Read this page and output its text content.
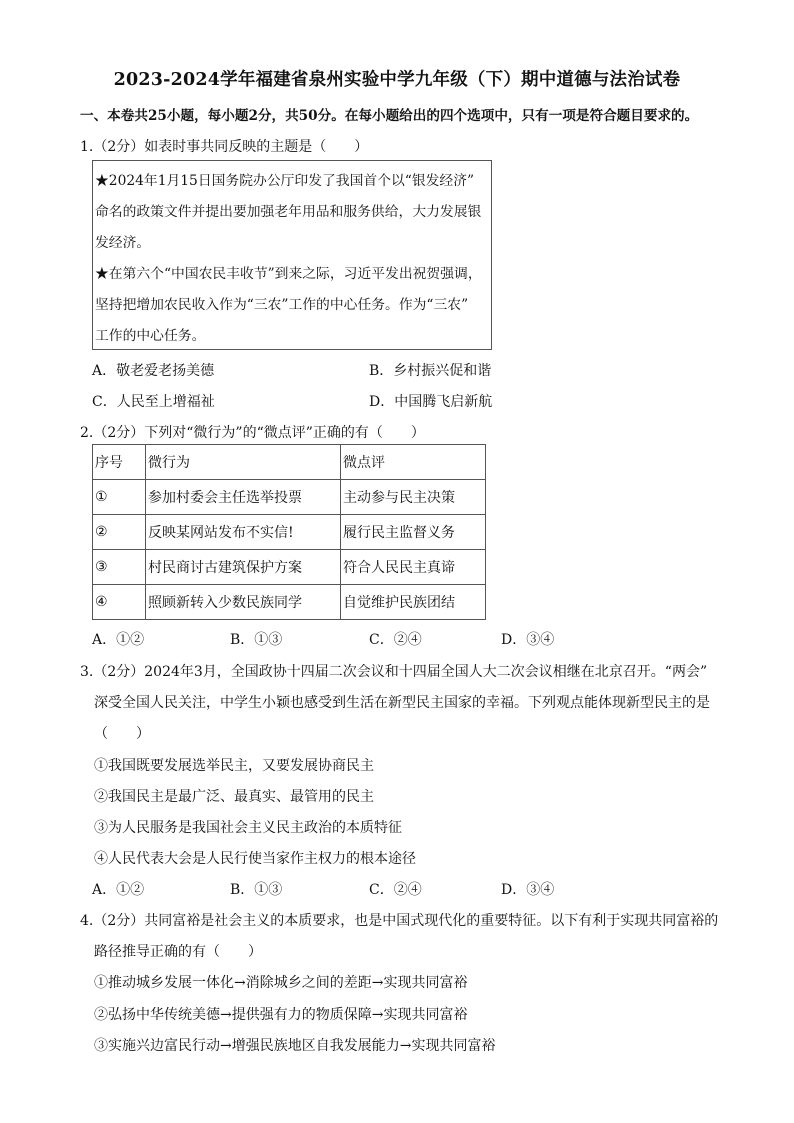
2023-2024学年福建省泉州实验中学九年级（下）期中道德与法治试卷
一、本卷共25小题，每小题2分，共50分。在每小题给出的四个选项中，只有一项是符合题目要求的。
1.（2分）如表时事共同反映的主题是（　　）
★2024年1月15日国务院办公厅印发了我国首个以“银发经济”
命名的政策文件并提出要加强老年用品和服务供给，大力发展银
发经济。
★在第六个“中国农民丰收节”到来之际，习近平发出祝贺强调，
坚持把增加农民收入作为“三农”工作的中心任务。作为“三农”
工作的中心任务。
A．敬老爱老扬美德	B．乡村振兴促和谐
C．人民至上增福祉	D．中国腾飞启新航
2.（2分）下列对“微行为”的“微点评”正确的有（　　）
序号	微行为	微点评
①	参加村委会主任选举投票	主动参与民主决策
②	反映某网站发布不实信!	履行民主监督义务
③	村民商讨古建筑保护方案	符合人民民主真谛
④	照顾新转入少数民族同学	自觉维护民族团结
A．①②	B．①③	C．②④	D．③④
3.（2分）2024年3月，全国政协十四届二次会议和十四届全国人大二次会议相继在北京召开。“两会”
深受全国人民关注，中学生小颖也感受到生活在新型民主国家的幸福。下列观点能体现新型民主的是
（　　）
①我国既要发展选举民主，又要发展协商民主
②我国民主是最广泛、最真实、最管用的民主
③为人民服务是我国社会主义民主政治的本质特征
④人民代表大会是人民行使当家作主权力的根本途径
A．①②	B．①③	C．②④	D．③④
4.（2分）共同富裕是社会主义的本质要求，也是中国式现代化的重要特征。以下有利于实现共同富裕的
路径推导正确的有（　　）
①推动城乡发展一体化→消除城乡之间的差距→实现共同富裕
②弘扬中华传统美德→提供强有力的物质保障→实现共同富裕
③实施兴边富民行动→增强民族地区自我发展能力→实现共同富裕
